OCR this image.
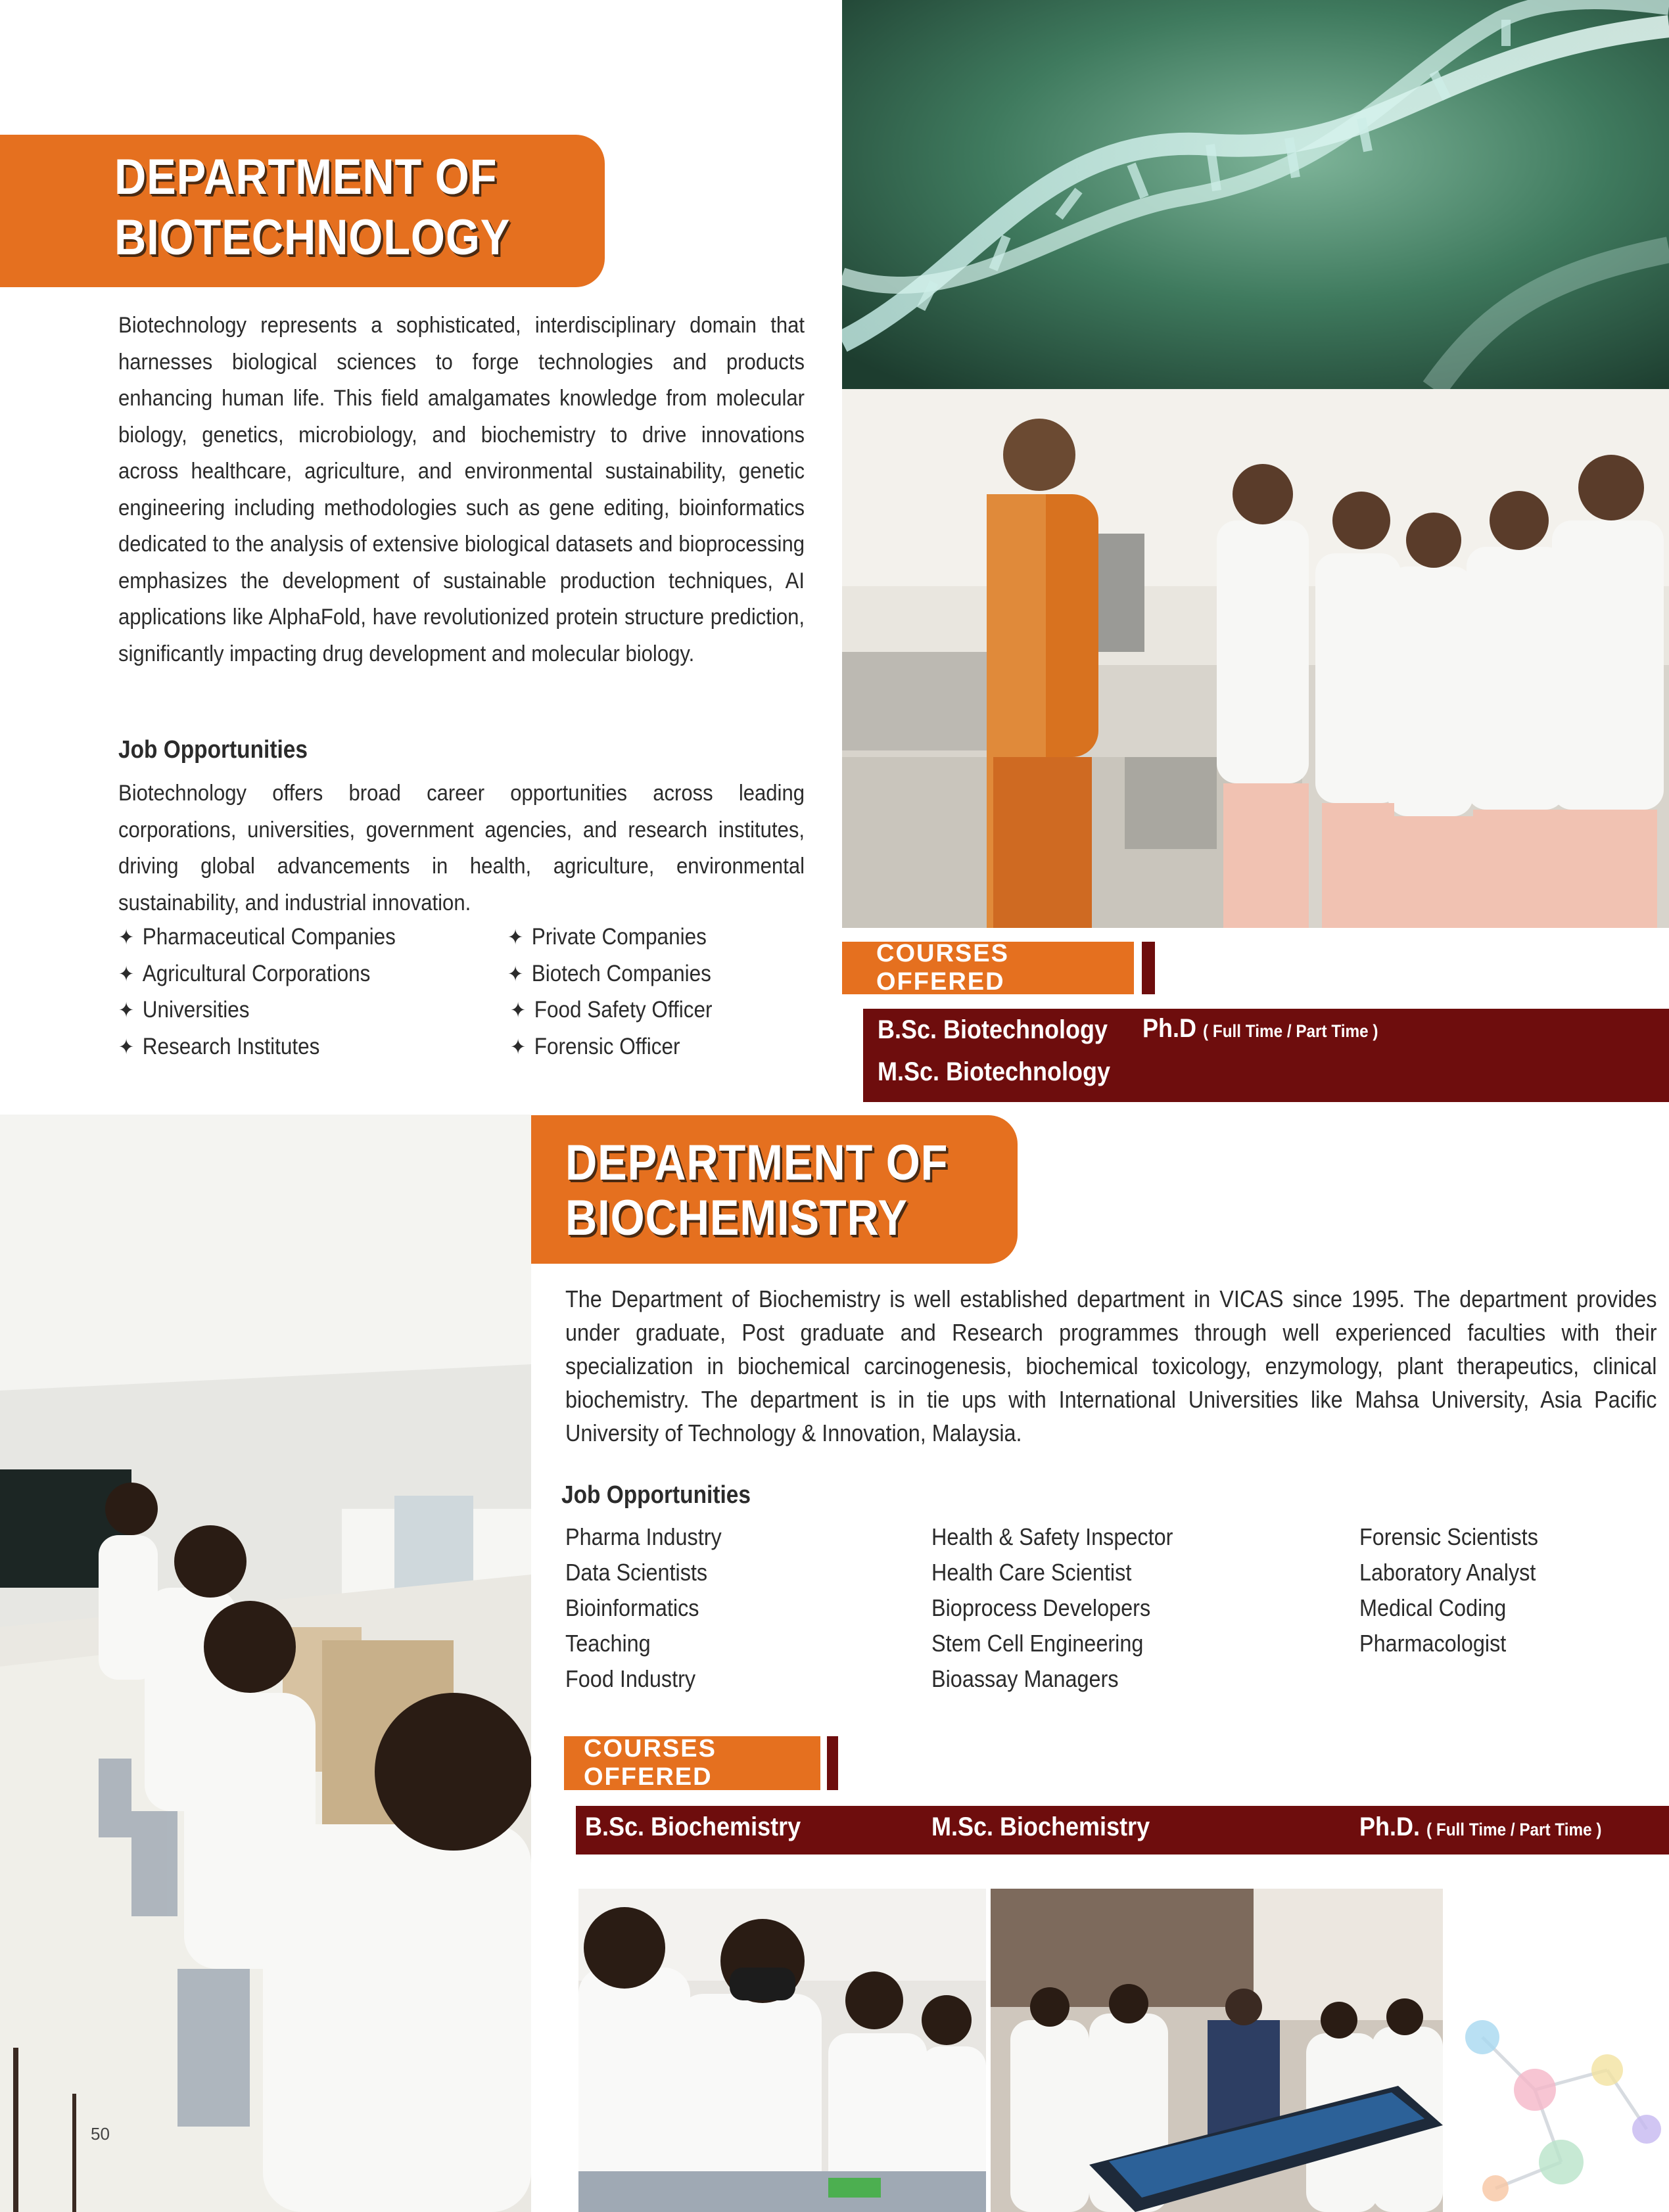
DEPARTMENT OF
BIOTECHNOLOGY
Biotechnology represents a sophisticated, interdisciplinary domain that harnesses biological sciences to forge technologies and products enhancing human life. This field amalgamates knowledge from molecular biology, genetics, microbiology, and biochemistry to drive innovations across healthcare, agriculture, and environmental sustainability, genetic engineering including methodologies such as gene editing, bioinformatics dedicated to the analysis of extensive biological datasets and bioprocessing emphasizes the development of sustainable production techniques, AI applications like AlphaFold, have revolutionized protein structure prediction, significantly impacting drug development and molecular biology.
Job Opportunities
Biotechnology offers broad career opportunities across leading corporations, universities, government agencies, and research institutes, driving global advancements in health, agriculture, environmental sustainability, and industrial innovation.
✦ Pharmaceutical Companies
✦ Agricultural Corporations
✦ Universities
✦ Research Institutes
✦ Private Companies
✦ Biotech Companies
✦ Food Safety Officer
✦ Forensic Officer
COURSES OFFERED
B.Sc. Biotechnology
M.Sc. Biotechnology
Ph.D ( Full Time / Part Time )
50
DEPARTMENT OF
BIOCHEMISTRY
The Department of Biochemistry is well established department in VICAS since 1995. The department provides under graduate, Post graduate and Research programmes through well experienced faculties with their specialization in biochemical carcinogenesis, biochemical toxicology, enzymology, plant therapeutics, clinical biochemistry. The department is in tie ups with International Universities like Mahsa University, Asia Pacific University of Technology & Innovation, Malaysia.
Job Opportunities
Pharma Industry
Data Scientists
Bioinformatics
Teaching
Food Industry
Health & Safety Inspector
Health Care Scientist
Bioprocess Developers
Stem Cell Engineering
Bioassay Managers
Forensic Scientists
Laboratory Analyst
Medical Coding
Pharmacologist
COURSES OFFERED
B.Sc. Biochemistry	M.Sc. Biochemistry	Ph.D. ( Full Time / Part Time )
